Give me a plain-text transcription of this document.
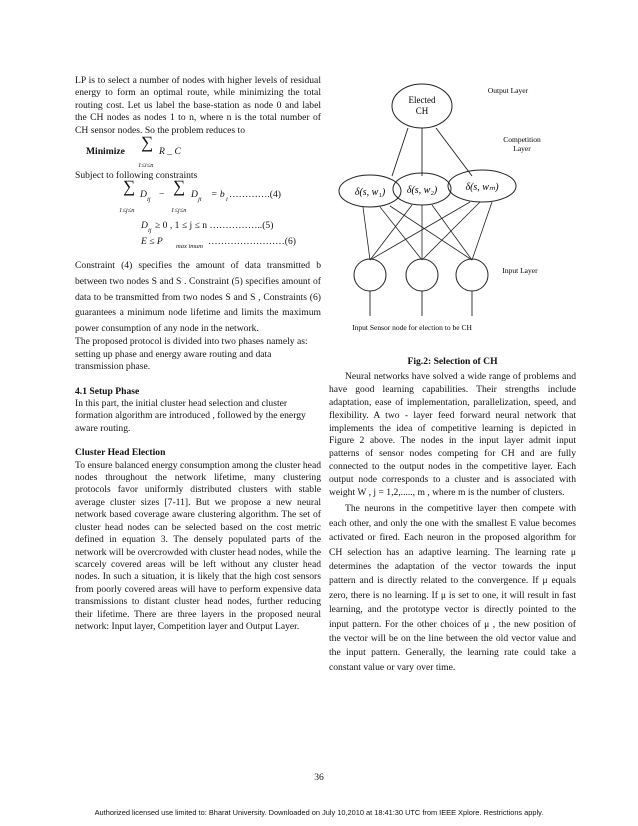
LP is to select a number of nodes with higher levels of residual energy to form an optimal route, while minimizing the total routing cost. Let us label the base-station as node 0 and label the CH nodes as nodes 1 to n, where n is the total number of CH sensor nodes. So the problem reduces to

Minimize ∑ R _ C
1≤i≤n

Subject to following constraints

∑ D ij − ∑ D ji = b i ………….(4)
1≤j≤n	1≤j≤n
D ij ≥ 0 , 1 ≤ j ≤ n ……………..(5)
E ≤ P max imum ……………………(6)

Constraint (4) specifies the amount of data transmitted b between two nodes S and S . Constraint (5) specifies amount of data to be transmitted from two nodes S and S , Constraints (6) guarantees a minimum node lifetime and limits the maximum power consumption of any node in the network.

The proposed protocol is divided into two phases namely as: setting up phase and energy aware routing and data transmission phase.

4.1 Setup Phase

In this part, the initial cluster head selection and cluster formation algorithm are introduced , followed by the energy aware routing.

Cluster Head Election

To ensure balanced energy consumption among the cluster head nodes throughout the network lifetime, many clustering protocols favor uniformly distributed clusters with stable average cluster sizes [7-11]. But we propose a new neural network based coverage aware clustering algorithm. The set of cluster head nodes can be selected based on the cost metric defined in equation 3. The densely populated parts of the network will be overcrowded with cluster head nodes, while the scarcely covered areas will be left without any cluster head nodes. In such a situation, it is likely that the high cost sensors from poorly covered areas will have to perform expensive data transmissions to distant cluster head nodes, further reducing their lifetime. There are three layers in the proposed neural network: Input layer, Competition layer and Output Layer.

Elected CH
Output Layer
Competition
Layer
δ(s, w₁) δ(s, w₂)	δ(s, wₘ)
Input Layer
Input Sensor node for election to be CH

Fig.2: Selection of CH

Neural networks have solved a wide range of problems and have good learning capabilities. Their strengths include adaptation, ease of implementation, parallelization, speed, and flexibility. A two - layer feed forward neural network that implements the idea of competitive learning is depicted in Figure 2 above. The nodes in the input layer admit input patterns of sensor nodes competing for CH and are fully connected to the output nodes in the competitive layer. Each output node corresponds to a cluster and is associated with weight W , j = 1,2,....., m , where m is the number of clusters.

The neurons in the competitive layer then compete with each other, and only the one with the smallest E value becomes activated or fired. Each neuron in the proposed algorithm for CH selection has an adaptive learning. The learning rate μ determines the adaptation of the vector towards the input pattern and is directly related to the convergence. If μ equals zero, there is no learning. If μ is set to one, it will result in fast learning, and the prototype vector is directly pointed to the input pattern. For the other choices of μ , the new position of the vector will be on the line between the old vector value and the input pattern. Generally, the learning rate could take a constant value or vary over time.

36
Authorized licensed use limited to: Bharat University. Downloaded on July 10,2010 at 18:41:30 UTC from IEEE Xplore. Restrictions apply.
